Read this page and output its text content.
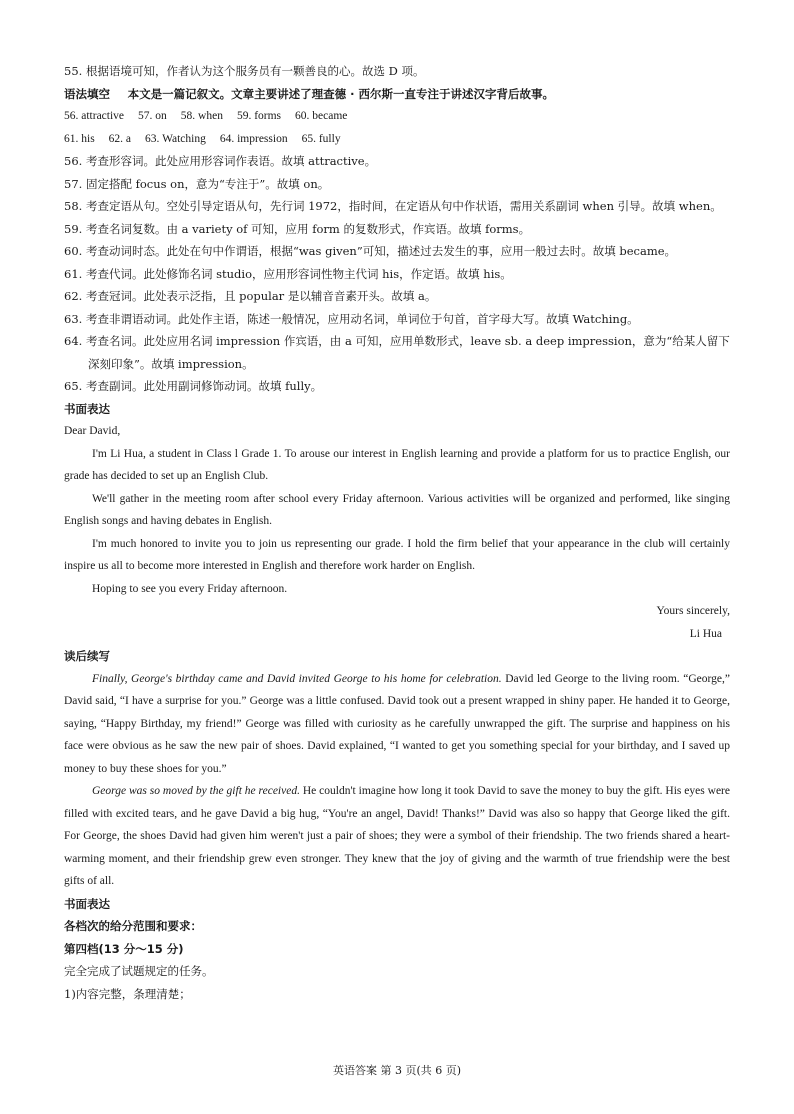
55. 根据语境可知，作者认为这个服务员有一颗善良的心。故选 D 项。
语法填空 本文是一篇记叙文。文章主要讲述了理查德 · 西尔斯一直专注于讲述汉字背后故事。
56. attractive 57. on 58. when 59. forms 60. became
61. his 62. a 63. Watching 64. impression 65. fully
56. 考查形容词。此处应用形容词作表语。故填 attractive。
57. 固定搭配 focus on，意为“专注于”。故填 on。
58. 考查定语从句。空处引导定语从句，先行词 1972，指时间，在定语从句中作状语，需用关系副词 when 引导。故填 when。
59. 考查名词复数。由 a variety of 可知，应用 form 的复数形式，作宾语。故填 forms。
60. 考查动词时态。此处在句中作谓语，根据“was given”可知，描述过去发生的事，应用一般过去时。故填 became。
61. 考查代词。此处修饰名词 studio，应用形容词性物主代词 his，作定语。故填 his。
62. 考查冠词。此处表示泛指，且 popular 是以辅音音素开头。故填 a。
63. 考查非谓语动词。此处作主语，陈述一般情况，应用动名词，单词位于句首，首字母大写。故填 Watching。
64. 考查名词。此处应用名词 impression 作宾语，由 a 可知，应用单数形式，leave sb. a deep impression，意为“给某人留下深刻印象”。故填 impression。
65. 考查副词。此处用副词修饰动词。故填 fully。
书面表达
Dear David,
I'm Li Hua, a student in Class l Grade 1. To arouse our interest in English learning and provide a platform for us to practice English, our grade has decided to set up an English Club.
We'll gather in the meeting room after school every Friday afternoon. Various activities will be organized and performed, like singing English songs and having debates in English.
I'm much honored to invite you to join us representing our grade. I hold the firm belief that your appearance in the club will certainly inspire us all to become more interested in English and therefore work harder on English.
Hoping to see you every Friday afternoon.
Yours sincerely,
Li Hua
读后续写
Finally, George's birthday came and David invited George to his home for celebration. David led George to the living room. “George,” David said, “I have a surprise for you.” George was a little confused. David took out a present wrapped in shiny paper. He handed it to George, saying, “Happy Birthday, my friend!” George was filled with curiosity as he carefully unwrapped the gift. The surprise and happiness on his face were obvious as he saw the new pair of shoes. David explained, “I wanted to get you something special for your birthday, and I saved up money to buy these shoes for you.”
George was so moved by the gift he received. He couldn't imagine how long it took David to save the money to buy the gift. His eyes were filled with excited tears, and he gave David a big hug, “You're an angel, David! Thanks!” David was also so happy that George liked the gift. For George, the shoes David had given him weren't just a pair of shoes; they were a symbol of their friendship. The two friends shared a heart-warming moment, and their friendship grew even stronger. They knew that the joy of giving and the warmth of true friendship were the best gifts of all.
书面表达
各档次的给分范围和要求：
第四档(13 分～15 分)
完全完成了试题规定的任务。
1)内容完整，条理清楚；
英语答案 第 3 页(共 6 页)
